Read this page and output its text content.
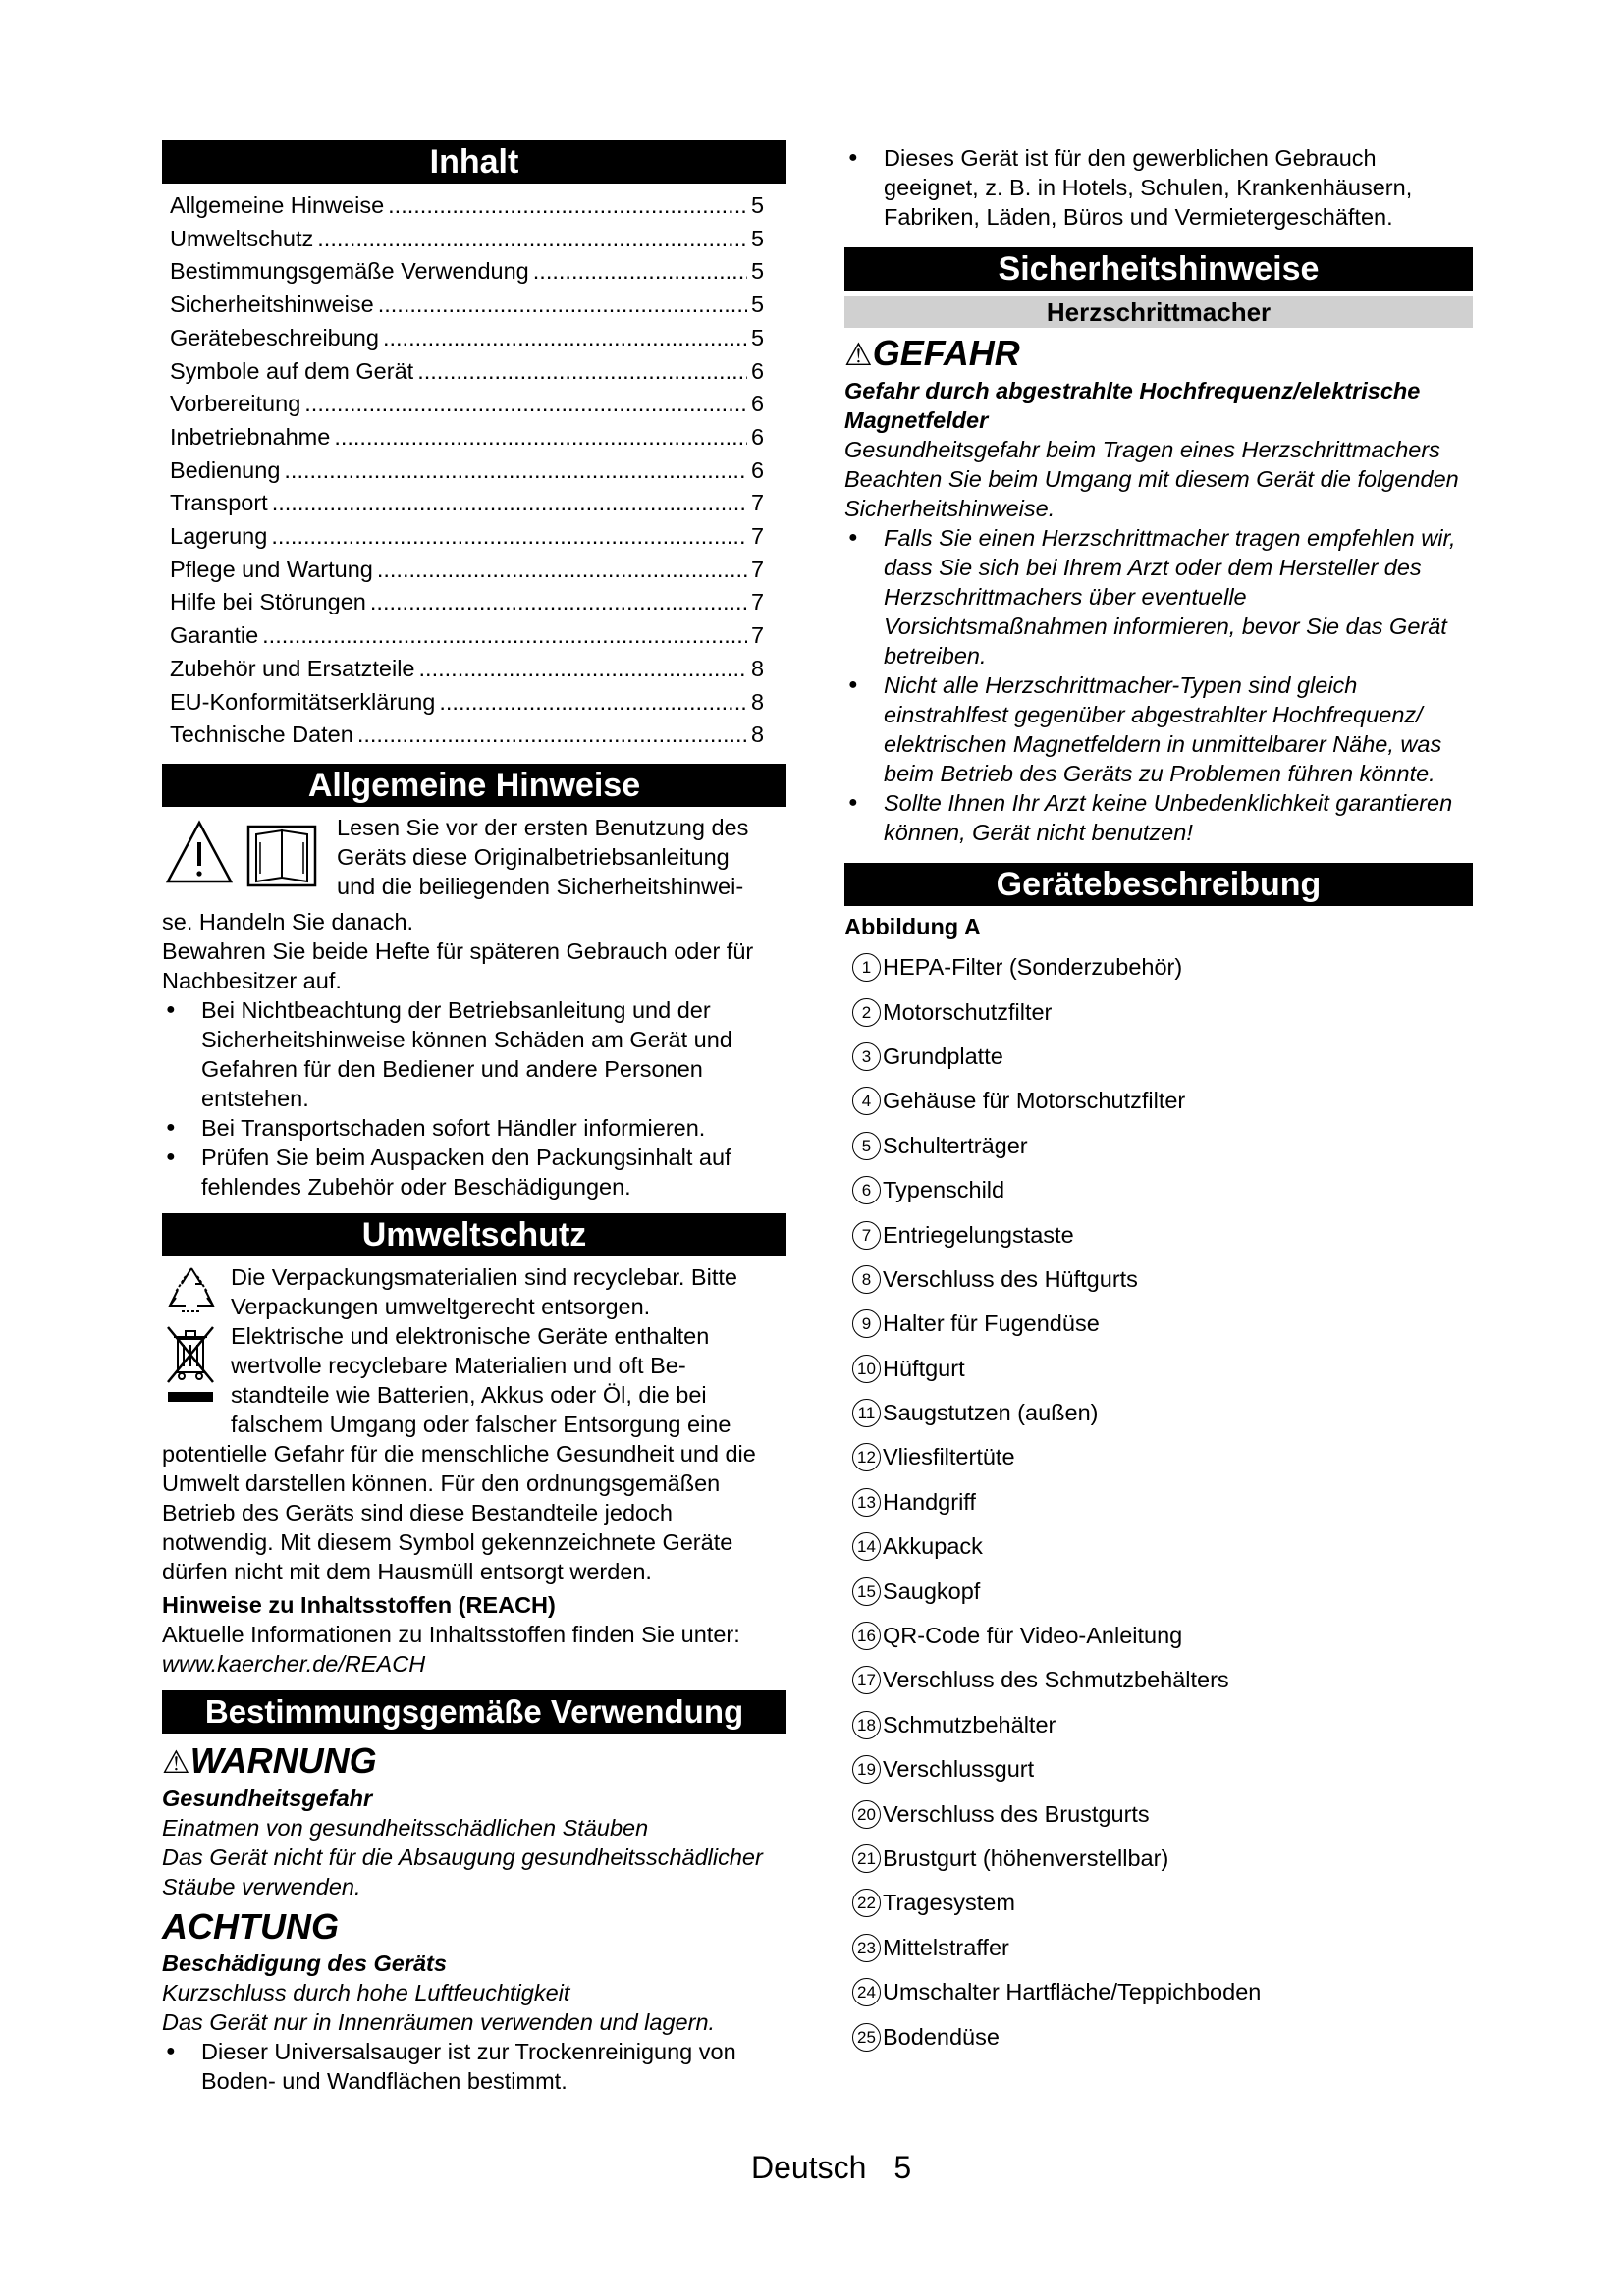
Inhalt
Allgemeine Hinweise .....	5
Umweltschutz .....	5
Bestimmungsgemäße Verwendung .....	5
Sicherheitshinweise .....	5
Gerätebeschreibung .....	5
Symbole auf dem Gerät .....	6
Vorbereitung .....	6
Inbetriebnahme .....	6
Bedienung .....	6
Transport .....	7
Lagerung .....	7
Pflege und Wartung .....	7
Hilfe bei Störungen .....	7
Garantie .....	7
Zubehör und Ersatzteile .....	8
EU-Konformitätserklärung .....	8
Technische Daten .....	8
Allgemeine Hinweise

Lesen Sie vor der ersten Benutzung des

Geräts diese Originalbetriebsanleitung

und die beiliegenden Sicherheitshinwei-

se. Handeln Sie danach.

Bewahren Sie beide Hefte für späteren Gebrauch oder für Nachbesitzer auf.

● Bei Nichtbeachtung der Betriebsanleitung und der Sicherheitshinweise können Schäden am Gerät und Gefahren für den Bediener und andere Personen entstehen.
● Bei Transportschaden sofort Händler informieren.
● Prüfen Sie beim Auspacken den Packungsinhalt auf fehlendes Zubehör oder Beschädigungen.
Umweltschutz

Die Verpackungsmaterialien sind recyclebar. Bitte Verpackungen umweltgerecht entsorgen.

Elektrische und elektronische Geräte enthalten

wertvolle recyclebare Materialien und oft Be-

standteile wie Batterien, Akkus oder Öl, die bei

falschem Umgang oder falscher Entsorgung eine

potentielle Gefahr für die menschliche Gesundheit und die Umwelt darstellen können. Für den ordnungsgemäßen Betrieb des Geräts sind diese Bestandteile jedoch notwendig. Mit diesem Symbol gekennzeichnete Geräte dürfen nicht mit dem Hausmüll entsorgt werden.

Hinweise zu Inhaltsstoffen (REACH)

Aktuelle Informationen zu Inhaltsstoffen finden Sie unter: www.kaercher.de/REACH

Bestimmungsgemäße Verwendung
⚠WARNUNG

Gesundheitsgefahr

Einatmen von gesundheitsschädlichen Stäuben

Das Gerät nicht für die Absaugung gesundheitsschädlicher Stäube verwenden.

ACHTUNG

Beschädigung des Geräts

Kurzschluss durch hohe Luftfeuchtigkeit

Das Gerät nur in Innenräumen verwenden und lagern.

● Dieser Universalsauger ist zur Trockenreinigung von Boden- und Wandflächen bestimmt.
● Dieses Gerät ist für den gewerblichen Gebrauch geeignet, z. B. in Hotels, Schulen, Krankenhäusern, Fabriken, Läden, Büros und Vermietergeschäften.
Sicherheitshinweise
Herzschrittmacher
⚠GEFAHR

Gefahr durch abgestrahlte Hochfrequenz/elektrische Magnetfelder

Gesundheitsgefahr beim Tragen eines Herzschrittmachers

Beachten Sie beim Umgang mit diesem Gerät die folgenden Sicherheitshinweise.

● Falls Sie einen Herzschrittmacher tragen empfehlen wir, dass Sie sich bei Ihrem Arzt oder dem Hersteller des Herzschrittmachers über eventuelle Vorsichtsmaßnahmen informieren, bevor Sie das Gerät betreiben.
● Nicht alle Herzschrittmacher-Typen sind gleich einstrahlfest gegenüber abgestrahlter Hochfrequenz/ elektrischen Magnetfeldern in unmittelbarer Nähe, was beim Betrieb des Geräts zu Problemen führen könnte.
● Sollte Ihnen Ihr Arzt keine Unbedenklichkeit garantieren können, Gerät nicht benutzen!
Gerätebeschreibung

Abbildung A

1 HEPA-Filter (Sonderzubehör)
2 Motorschutzfilter
3 Grundplatte
4 Gehäuse für Motorschutzfilter
5 Schulterträger
6 Typenschild
7 Entriegelungstaste
8 Verschluss des Hüftgurts
9 Halter für Fugendüse
10 Hüftgurt
11 Saugstutzen (außen)
12 Vliesfiltertüte
13 Handgriff
14 Akkupack
15 Saugkopf
16 QR-Code für Video-Anleitung
17 Verschluss des Schmutzbehälters
18 Schmutzbehälter
19 Verschlussgurt
20 Verschluss des Brustgurts
21 Brustgurt (höhenverstellbar)
22 Tragesystem
23 Mittelstraffer
24 Umschalter Hartfläche/Teppichboden
25 Bodendüse
Deutsch 5
